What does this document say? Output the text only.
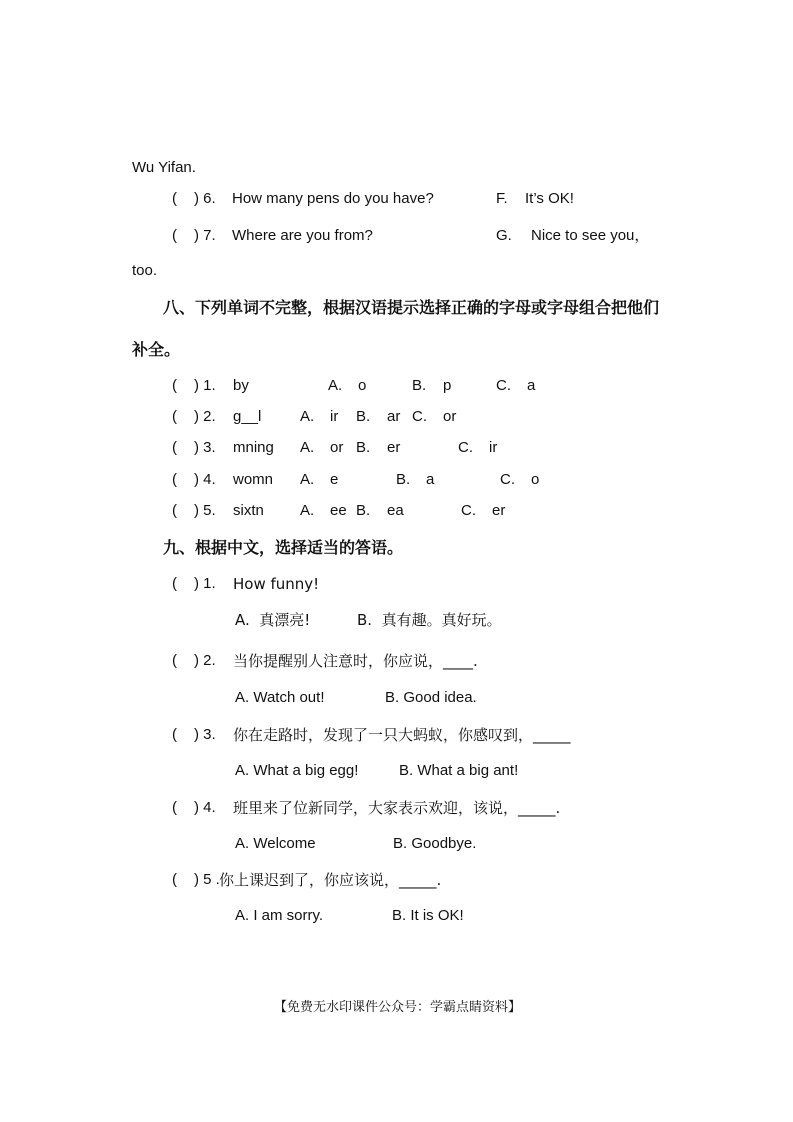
Wu Yifan.
( ) 6. How many pens do you have?	F. It’s OK!
( ) 7. Where are you from?	G. Nice to see you，
too.
八、下列单词不完整，根据汉语提示选择正确的字母或字母组合把他们
补全。
( ) 1. by	A. o	B. p	C. a
( ) 2. g__l	A. ir B. ar C. or
( ) 3. mning A. or B. er	C. ir
( ) 4. womn A. e	B. a	C. o
( ) 5. sixtn A. ee B. ea	C. er
九、根据中文，选择适当的答语。
( ) 1. How funny!
A.  真漂亮!	B.  真有趣。真好玩。
( ) 2. 当你提醒别人注意时，你应说，____.
A. Watch out!	B. Good idea.
( ) 3. 你在走路时，发现了一只大蚂蚁，你感叹到，_____
A. What a big egg!	B. What a big ant!
( ) 4. 班里来了位新同学，大家表示欢迎，该说，_____.
A. Welcome	B. Goodbye.
( ) 5 . 你上课迟到了，你应该说，_____.
A. I am sorry.	B. It is OK!
【免费无水印课件公众号：学霸点睛资料】
